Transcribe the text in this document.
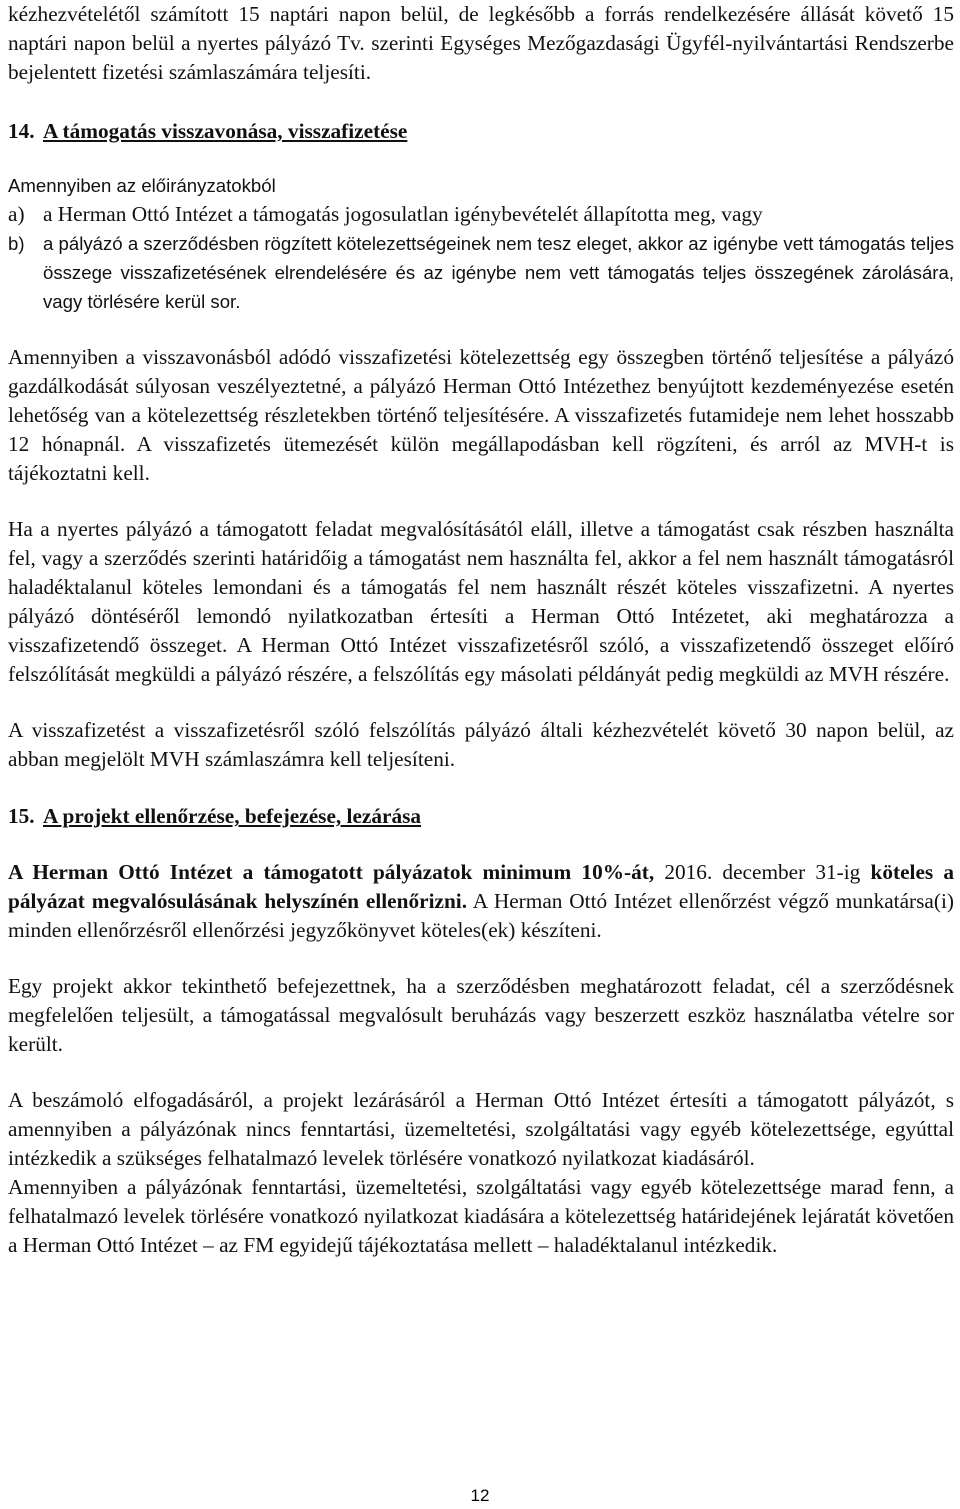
kézhezvételétől számított 15 naptári napon belül, de legkésőbb a forrás rendelkezésére állását követő 15 naptári napon belül a nyertes pályázó Tv. szerinti Egységes Mezőgazdasági Ügyfél-nyilvántartási Rendszerbe bejelentett fizetési számlaszámára teljesíti.

14. A támogatás visszavonása, visszafizetése
Amennyiben az előirányzatokból
a) a Herman Ottó Intézet a támogatás jogosulatlan igénybevételét állapította meg, vagy
b) a pályázó a szerződésben rögzített kötelezettségeinek nem tesz eleget, akkor az igénybe vett támogatás teljes összege visszafizetésének elrendelésére és az igénybe nem vett támogatás teljes összegének zárolására, vagy törlésére kerül sor.

Amennyiben a visszavonásból adódó visszafizetési kötelezettség egy összegben történő teljesítése a pályázó gazdálkodását súlyosan veszélyeztetné, a pályázó Herman Ottó Intézethez benyújtott kezdeményezése esetén lehetőség van a kötelezettség részletekben történő teljesítésére. A visszafizetés futamideje nem lehet hosszabb 12 hónapnál. A visszafizetés ütemezését külön megállapodásban kell rögzíteni, és arról az MVH-t is tájékoztatni kell.

Ha a nyertes pályázó a támogatott feladat megvalósításától eláll, illetve a támogatást csak részben használta fel, vagy a szerződés szerinti határidőig a támogatást nem használta fel, akkor a fel nem használt támogatásról haladéktalanul köteles lemondani és a támogatás fel nem használt részét köteles visszafizetni. A nyertes pályázó döntéséről lemondó nyilatkozatban értesíti a Herman Ottó Intézetet, aki meghatározza a visszafizetendő összeget. A Herman Ottó Intézet visszafizetésről szóló, a visszafizetendő összeget előíró felszólítását megküldi a pályázó részére, a felszólítás egy másolati példányát pedig megküldi az MVH részére.

A visszafizetést a visszafizetésről szóló felszólítás pályázó általi kézhezvételét követő 30 napon belül, az abban megjelölt MVH számlaszámra kell teljesíteni.

15. A projekt ellenőrzése, befejezése, lezárása

A Herman Ottó Intézet a támogatott pályázatok minimum 10%-át, 2016. december 31-ig köteles a pályázat megvalósulásának helyszínén ellenőrizni. A Herman Ottó Intézet ellenőrzést végző munkatársa(i) minden ellenőrzésről ellenőrzési jegyzőkönyvet köteles(ek) készíteni.

Egy projekt akkor tekinthető befejezettnek, ha a szerződésben meghatározott feladat, cél a szerződésnek megfelelően teljesült, a támogatással megvalósult beruházás vagy beszerzett eszköz használatba vételre sor került.

A beszámoló elfogadásáról, a projekt lezárásáról a Herman Ottó Intézet értesíti a támogatott pályázót, s amennyiben a pályázónak nincs fenntartási, üzemeltetési, szolgáltatási vagy egyéb kötelezettsége, egyúttal intézkedik a szükséges felhatalmazó levelek törlésére vonatkozó nyilatkozat kiadásáról.

Amennyiben a pályázónak fenntartási, üzemeltetési, szolgáltatási vagy egyéb kötelezettsége marad fenn, a felhatalmazó levelek törlésére vonatkozó nyilatkozat kiadására a kötelezettség határidejének lejáratát követően a Herman Ottó Intézet – az FM egyidejű tájékoztatása mellett – haladéktalanul intézkedik.

12
